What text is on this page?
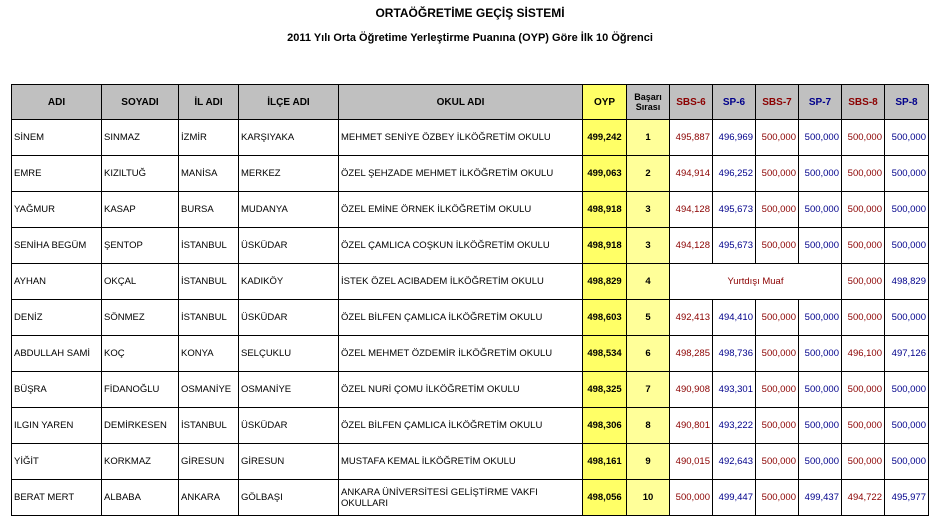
ORTAÖĞRETİME GEÇİŞ SİSTEMİ
2011 Yılı Orta Öğretime Yerleştirme Puanına (OYP) Göre İlk 10 Öğrenci
ADI	SOYADI	İL ADI	İLÇE ADI	OKUL ADI	OYP	Başarı Sırası	SBS-6	SP-6	SBS-7	SP-7	SBS-8	SP-8
SİNEM	SINMAZ	İZMİR	KARŞIYAKA	MEHMET SENİYE ÖZBEY İLKÖĞRETİM OKULU	499,242	1	495,887	496,969	500,000	500,000	500,000	500,000
EMRE	KIZILTUĞ	MANİSA	MERKEZ	ÖZEL ŞEHZADE MEHMET İLKÖĞRETİM OKULU	499,063	2	494,914	496,252	500,000	500,000	500,000	500,000
YAĞMUR	KASAP	BURSA	MUDANYA	ÖZEL EMİNE ÖRNEK İLKÖĞRETİM OKULU	498,918	3	494,128	495,673	500,000	500,000	500,000	500,000
SENİHA BEGÜM	ŞENTOP	İSTANBUL	ÜSKÜDAR	ÖZEL ÇAMLICA COŞKUN İLKÖĞRETİM OKULU	498,918	3	494,128	495,673	500,000	500,000	500,000	500,000
AYHAN	OKÇAL	İSTANBUL	KADIKÖY	İSTEK ÖZEL ACIBADEM İLKÖĞRETİM OKULU	498,829	4	Yurtdışı Muaf				500,000	498,829
DENİZ	SÖNMEZ	İSTANBUL	ÜSKÜDAR	ÖZEL BİLFEN ÇAMLICA İLKÖĞRETİM OKULU	498,603	5	492,413	494,410	500,000	500,000	500,000	500,000
ABDULLAH SAMİ	KOÇ	KONYA	SELÇUKLU	ÖZEL MEHMET ÖZDEMİR İLKÖĞRETİM OKULU	498,534	6	498,285	498,736	500,000	500,000	496,100	497,126
BÜŞRA	FİDANOĞLU	OSMANİYE	OSMANİYE	ÖZEL NURİ ÇOMU İLKÖĞRETİM OKULU	498,325	7	490,908	493,301	500,000	500,000	500,000	500,000
ILGIN YAREN	DEMİRKESEN	İSTANBUL	ÜSKÜDAR	ÖZEL BİLFEN ÇAMLICA İLKÖĞRETİM OKULU	498,306	8	490,801	493,222	500,000	500,000	500,000	500,000
YİĞİT	KORKMAZ	GİRESUN	GİRESUN	MUSTAFA KEMAL İLKÖĞRETİM OKULU	498,161	9	490,015	492,643	500,000	500,000	500,000	500,000
BERAT MERT	ALBABA	ANKARA	GÖLBAŞI	ANKARA ÜNİVERSİTESİ GELİŞTİRME VAKFI OKULLARI	498,056	10	500,000	499,447	500,000	499,437	494,722	495,977
